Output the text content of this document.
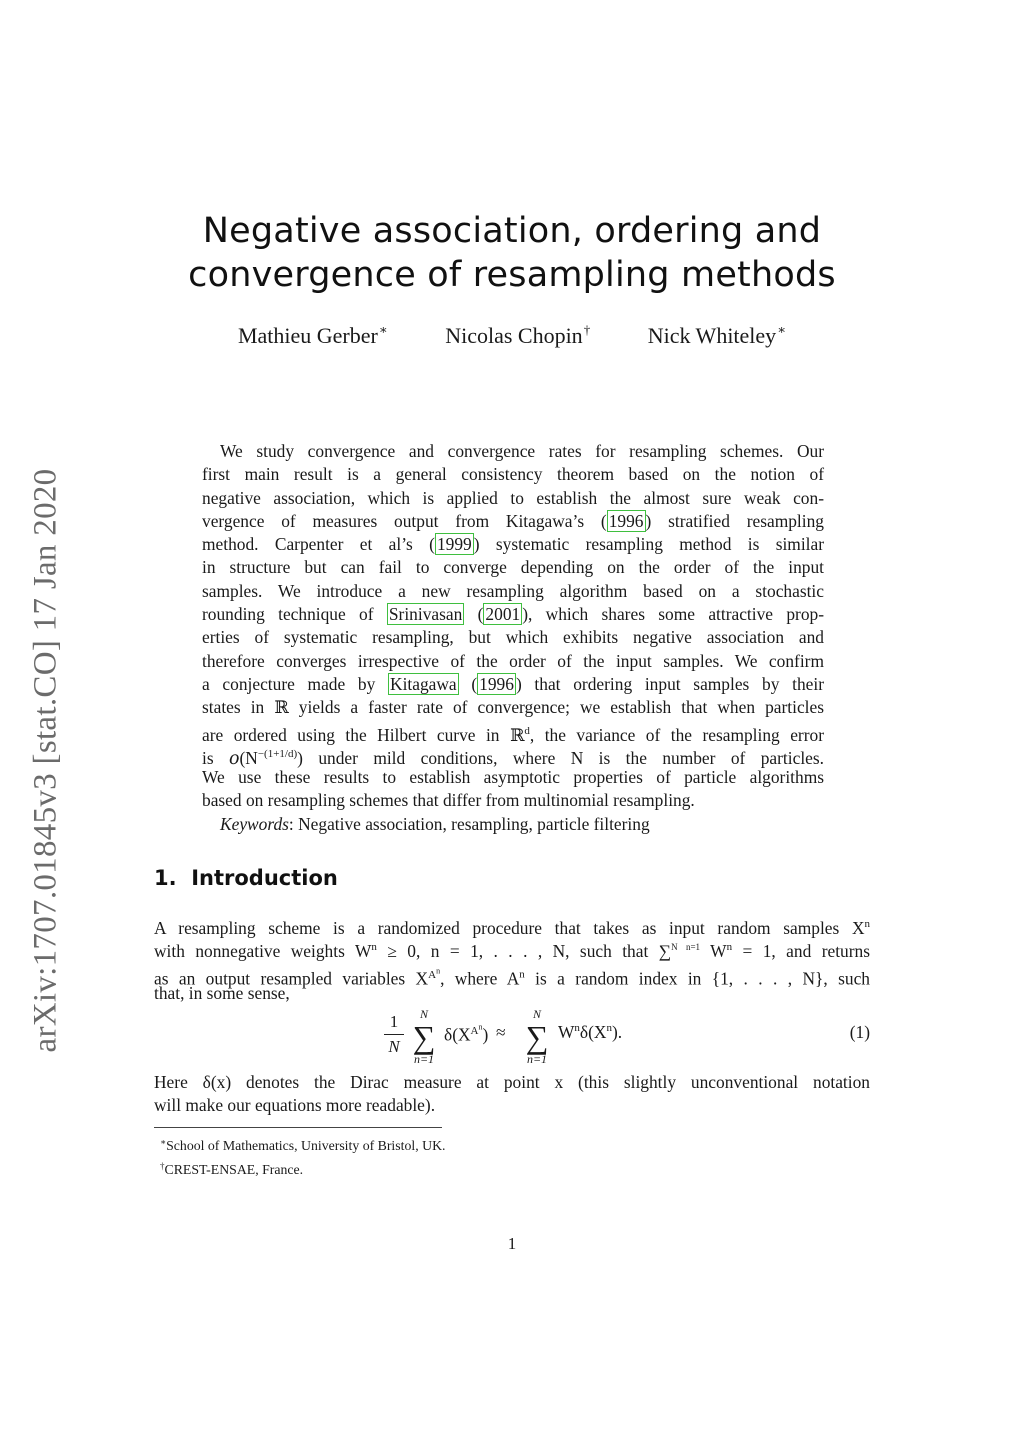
arXiv:1707.01845v3 [stat.CO] 17 Jan 2020
Negative association, ordering and
convergence of resampling methods
Mathieu Gerber∗	Nicolas Chopin†	Nick Whiteley∗
We study convergence and convergence rates for resampling schemes. Our
first main result is a general consistency theorem based on the notion of
negative association, which is applied to establish the almost sure weak con-
vergence of measures output from Kitagawa’s ( 1996 ) stratified resampling
method. Carpenter et al’s ( 1999 ) systematic resampling method is similar
in structure but can fail to converge depending on the order of the input
samples. We introduce a new resampling algorithm based on a stochastic
rounding technique of Srinivasan ( 2001 ), which shares some attractive prop-
erties of systematic resampling, but which exhibits negative association and
therefore converges irrespective of the order of the input samples. We confirm
a conjecture made by Kitagawa ( 1996 ) that ordering input samples by their
states in ℝ yields a faster rate of convergence; we establish that when particles
are ordered using the Hilbert curve in ℝ$^d$, the variance of the resampling error
is $𝑜(N^{-(1+1/d)})$ under mild conditions, where N is the number of particles.
We use these results to establish asymptotic properties of particle algorithms
based on resampling schemes that differ from multinomial resampling.
Keywords: Negative association, resampling, particle filtering
1. Introduction
A resampling scheme is a randomized procedure that takes as input random samples $X^n$
with nonnegative weights $W^n \ge 0$, n = 1, . . . , N, such that ∑$^{N n=1}$ $W^n = 1$, and returns
as an output resampled variables $X^{A^n}$, where $A^n$ is a random index in {1, . . . , N}, such
that, in some sense,
1
N
N
∑
n=1
$\delta(X^{A^n})$ ≈
N
∑
n=1
$W^n\delta(X^n)$.	(1)
Here δ(x) denotes the Dirac measure at point x (this slightly unconventional notation
will make our equations more readable).
∗School of Mathematics, University of Bristol, UK.
†CREST-ENSAE, France.
1
